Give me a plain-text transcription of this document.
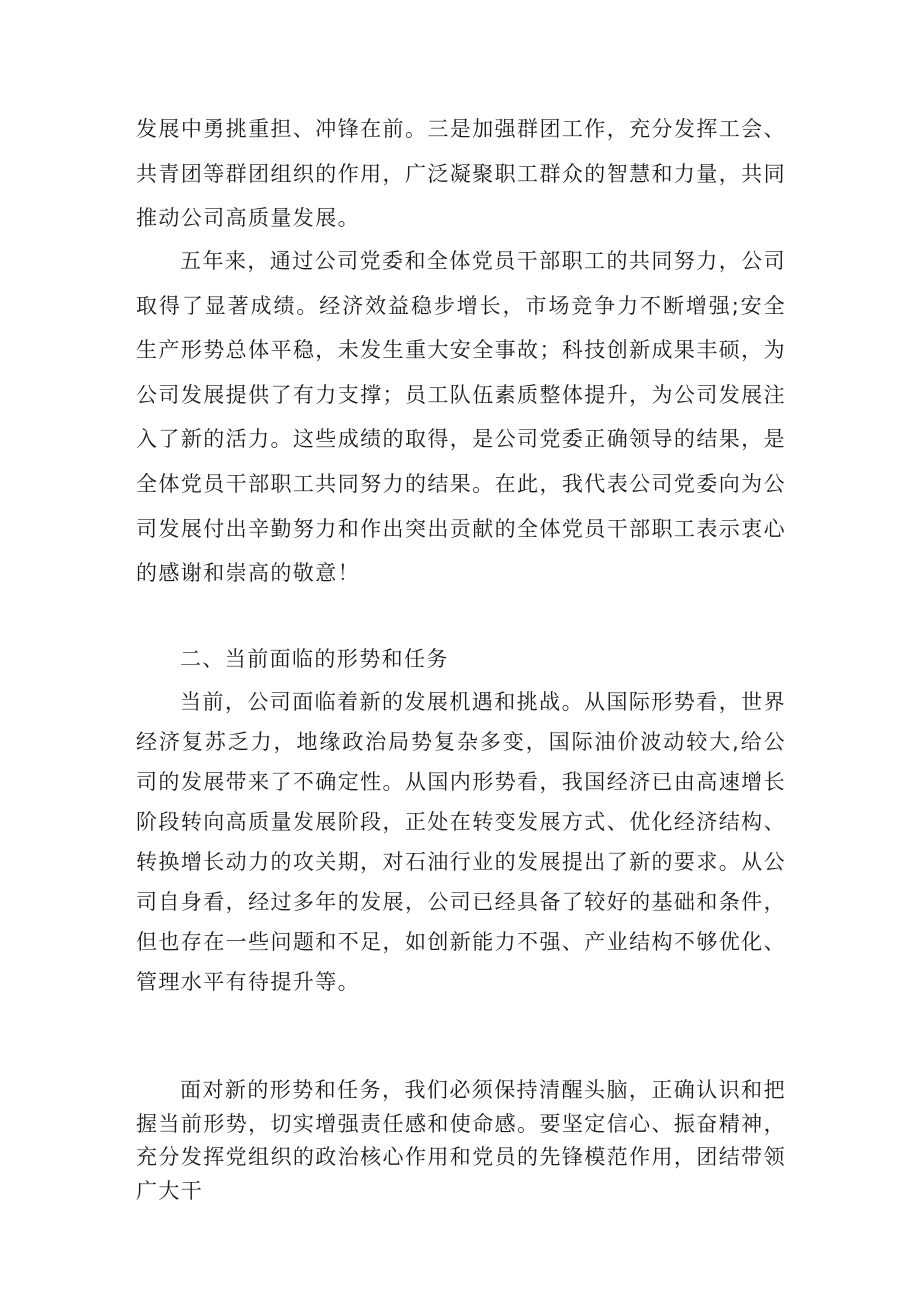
发展中勇挑重担、冲锋在前。三是加强群团工作，充分发挥工会、共青团等群团组织的作用，广泛凝聚职工群众的智慧和力量，共同推动公司高质量发展。

五年来，通过公司党委和全体党员干部职工的共同努力，公司取得了显著成绩。经济效益稳步增长，市场竞争力不断增强;安全生产形势总体平稳，未发生重大安全事故；科技创新成果丰硕，为公司发展提供了有力支撑；员工队伍素质整体提升，为公司发展注入了新的活力。这些成绩的取得，是公司党委正确领导的结果，是全体党员干部职工共同努力的结果。在此，我代表公司党委向为公司发展付出辛勤努力和作出突出贡献的全体党员干部职工表示衷心的感谢和崇高的敬意！

二、当前面临的形势和任务

当前，公司面临着新的发展机遇和挑战。从国际形势看，世界经济复苏乏力，地缘政治局势复杂多变，国际油价波动较大,给公司的发展带来了不确定性。从国内形势看，我国经济已由高速增长阶段转向高质量发展阶段，正处在转变发展方式、优化经济结构、转换增长动力的攻关期，对石油行业的发展提出了新的要求。从公司自身看，经过多年的发展，公司已经具备了较好的基础和条件，但也存在一些问题和不足，如创新能力不强、产业结构不够优化、管理水平有待提升等。

面对新的形势和任务，我们必须保持清醒头脑，正确认识和把握当前形势，切实增强责任感和使命感。要坚定信心、振奋精神，充分发挥党组织的政治核心作用和党员的先锋模范作用，团结带领广大干
